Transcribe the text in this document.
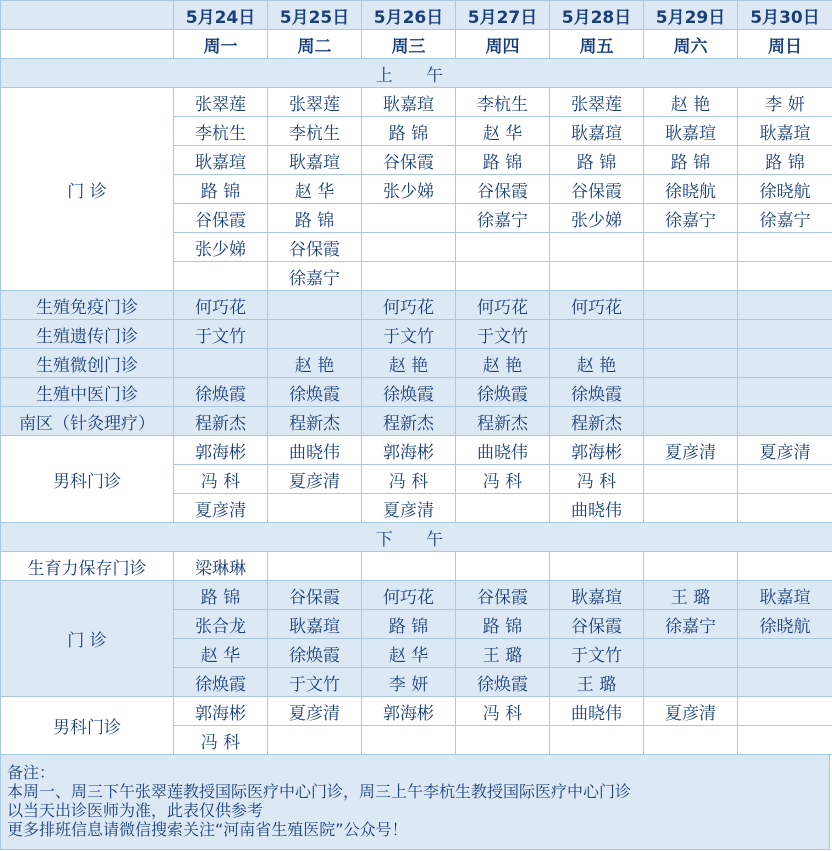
	5月24日	5月25日	5月26日	5月27日	5月28日	5月29日	5月30日
	周一	周二	周三	周四	周五	周六	周日
上 午							
门 诊	张翠莲	张翠莲	耿嘉瑄	李杭生	张翠莲	赵 艳	李 妍
	李杭生	李杭生	路 锦	赵 华	耿嘉瑄	耿嘉瑄	耿嘉瑄
	耿嘉瑄	耿嘉瑄	谷保霞	路 锦	路 锦	路 锦	路 锦
	路 锦	赵 华	张少娣	谷保霞	谷保霞	徐晓航	徐晓航
	谷保霞	路 锦		徐嘉宁	张少娣	徐嘉宁	徐嘉宁
	张少娣	谷保霞					
		徐嘉宁					
生殖免疫门诊	何巧花		何巧花	何巧花	何巧花		
生殖遗传门诊	于文竹		于文竹	于文竹			
生殖微创门诊		赵 艳	赵 艳	赵 艳	赵 艳		
生殖中医门诊	徐焕霞	徐焕霞	徐焕霞	徐焕霞	徐焕霞		
南区（针灸理疗）	程新杰	程新杰	程新杰	程新杰	程新杰		
男科门诊	郭海彬	曲晓伟	郭海彬	曲晓伟	郭海彬	夏彦清	夏彦清
	冯 科	夏彦清	冯 科	冯 科	冯 科		
	夏彦清		夏彦清		曲晓伟		
下 午							
生育力保存门诊	梁琳琳						
门 诊	路 锦	谷保霞	何巧花	谷保霞	耿嘉瑄	王 璐	耿嘉瑄
	张合龙	耿嘉瑄	路 锦	路 锦	谷保霞	徐嘉宁	徐晓航
	赵 华	徐焕霞	赵 华	王 璐	于文竹		
	徐焕霞	于文竹	李 妍	徐焕霞	王 璐		
男科门诊	郭海彬	夏彦清	郭海彬	冯 科	曲晓伟	夏彦清	
	冯 科						
备注：
本周一、周三下午张翠莲教授国际医疗中心门诊，周三上午李杭生教授国际医疗中心门诊
以当天出诊医师为准，此表仅供参考
更多排班信息请微信搜索关注“河南省生殖医院”公众号！
